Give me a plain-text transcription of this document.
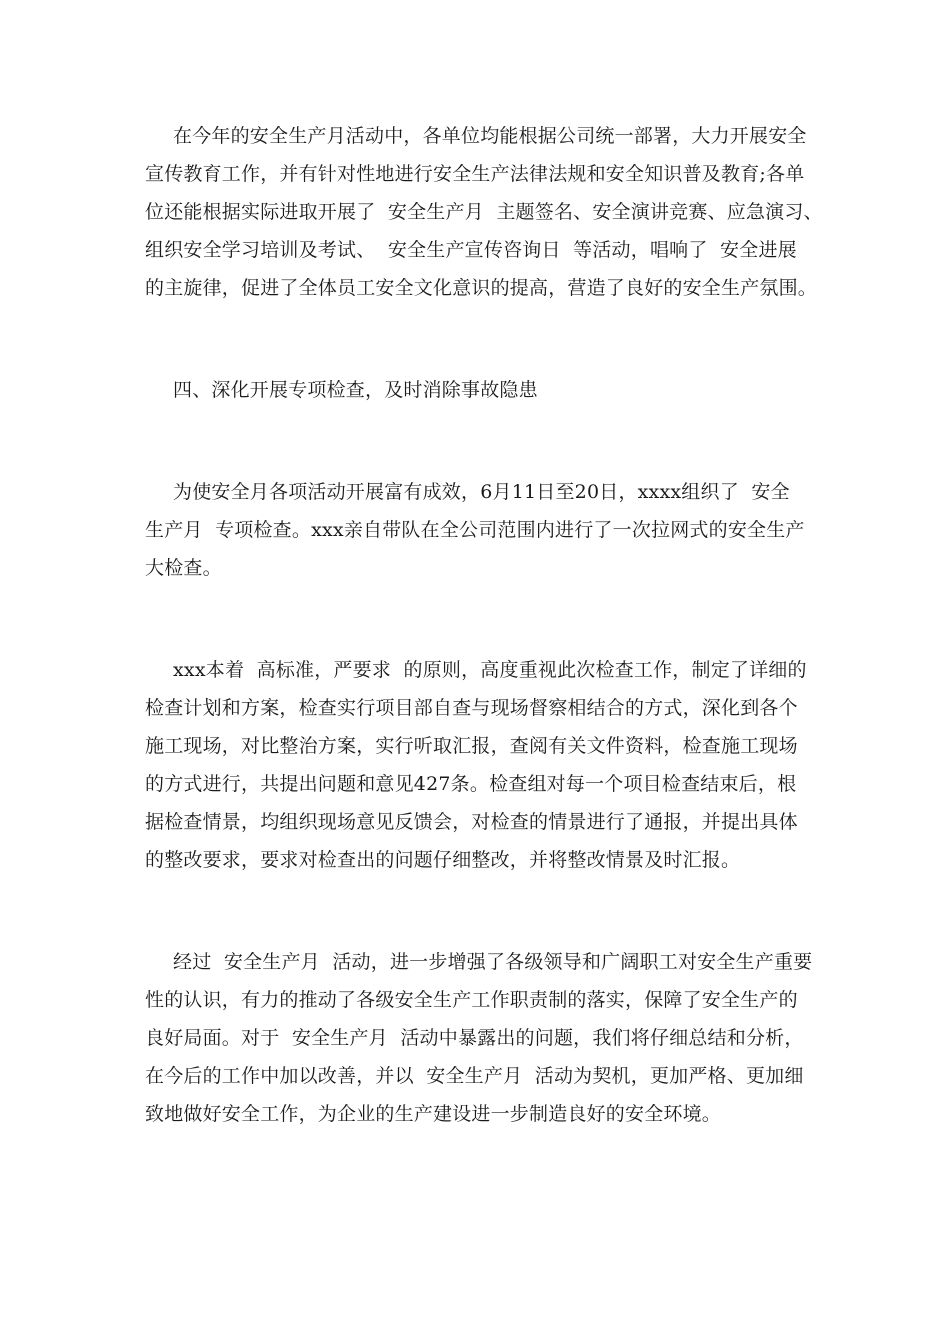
在今年的安全生产月活动中，各单位均能根据公司统一部署，大力开展安全
宣传教育工作，并有针对性地进行安全生产法律法规和安全知识普及教育;各单
位还能根据实际进取开展了  安全生产月  主题签名、安全演讲竞赛、应急演习、
组织安全学习培训及考试、  安全生产宣传咨询日  等活动，唱响了  安全进展
的主旋律，促进了全体员工安全文化意识的提高，营造了良好的安全生产氛围。
四、深化开展专项检查，及时消除事故隐患
为使安全月各项活动开展富有成效，6月11日至20日，xxxx组织了  安全
生产月  专项检查。xxx亲自带队在全公司范围内进行了一次拉网式的安全生产
大检查。
xxx本着  高标准，严要求  的原则，高度重视此次检查工作，制定了详细的
检查计划和方案，检查实行项目部自查与现场督察相结合的方式，深化到各个
施工现场，对比整治方案，实行听取汇报，查阅有关文件资料，检查施工现场
的方式进行，共提出问题和意见427条。检查组对每一个项目检查结束后，根
据检查情景，均组织现场意见反馈会，对检查的情景进行了通报，并提出具体
的整改要求，要求对检查出的问题仔细整改，并将整改情景及时汇报。
经过  安全生产月  活动，进一步增强了各级领导和广阔职工对安全生产重要
性的认识，有力的推动了各级安全生产工作职责制的落实，保障了安全生产的
良好局面。对于  安全生产月  活动中暴露出的问题，我们将仔细总结和分析，
在今后的工作中加以改善，并以  安全生产月  活动为契机，更加严格、更加细
致地做好安全工作，为企业的生产建设进一步制造良好的安全环境。
